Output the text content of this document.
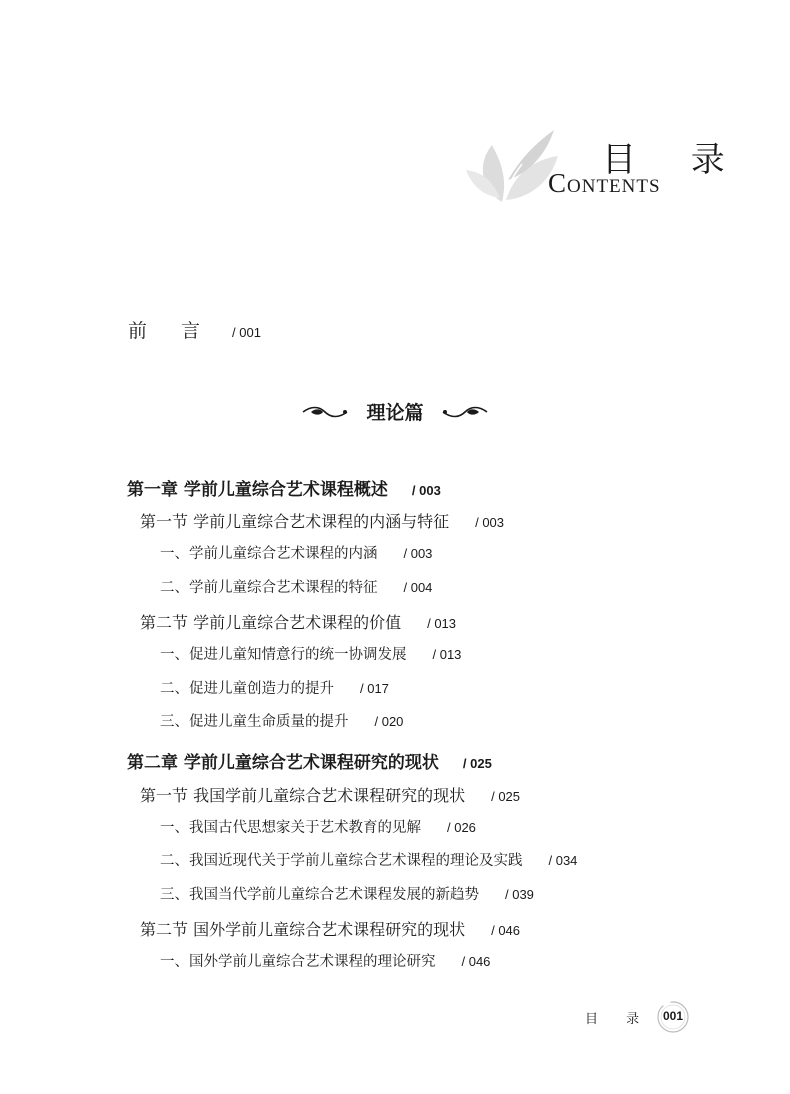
目 录
Contents
前 言 / 001
理论篇
第一章 学前儿童综合艺术课程概述 / 003
第一节 学前儿童综合艺术课程的内涵与特征 / 003
一、学前儿童综合艺术课程的内涵 / 003
二、学前儿童综合艺术课程的特征 / 004
第二节 学前儿童综合艺术课程的价值 / 013
一、促进儿童知情意行的统一协调发展 / 013
二、促进儿童创造力的提升 / 017
三、促进儿童生命质量的提升 / 020
第二章 学前儿童综合艺术课程研究的现状 / 025
第一节 我国学前儿童综合艺术课程研究的现状 / 025
一、我国古代思想家关于艺术教育的见解 / 026
二、我国近现代关于学前儿童综合艺术课程的理论及实践 / 034
三、我国当代学前儿童综合艺术课程发展的新趋势 / 039
第二节 国外学前儿童综合艺术课程研究的现状 / 046
一、国外学前儿童综合艺术课程的理论研究 / 046
目 录 001
